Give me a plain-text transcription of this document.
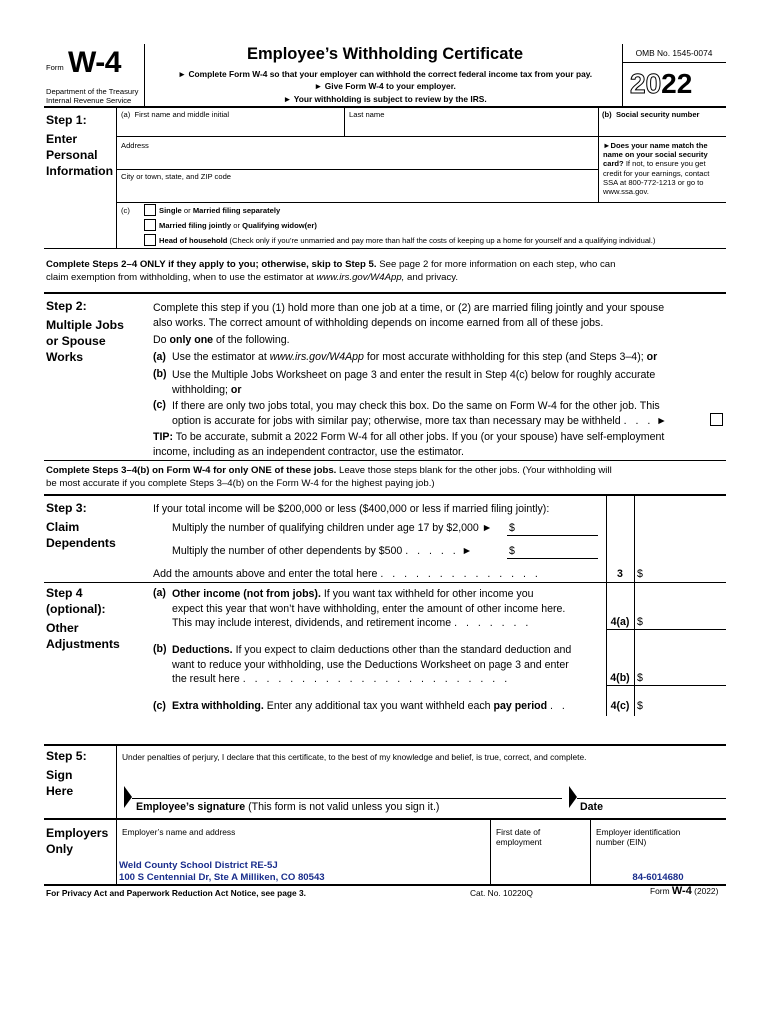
Form W-4
Department of the Treasury
Internal Revenue Service
Employee’s Withholding Certificate
► Complete Form W-4 so that your employer can withhold the correct federal income tax from your pay.
► Give Form W-4 to your employer.
► Your withholding is subject to review by the IRS.
OMB No. 1545-0074
2022
Step 1:
Enter
Personal
Information
(a) First name and middle initial	Last name	(b) Social security number
Address
City or town, state, and ZIP code
►Does your name match the name on your social security card? If not, to ensure you get credit for your earnings, contact SSA at 800-772-1213 or go to www.ssa.gov.
(c)	Single or Married filing separately
Married filing jointly or Qualifying widow(er)
Head of household (Check only if you’re unmarried and pay more than half the costs of keeping up a home for yourself and a qualifying individual.)
Complete Steps 2–4 ONLY if they apply to you; otherwise, skip to Step 5. See page 2 for more information on each step, who can
claim exemption from withholding, when to use the estimator at www.irs.gov/W4App, and privacy.
Step 2:
Multiple Jobs
or Spouse
Works
Complete this step if you (1) hold more than one job at a time, or (2) are married filing jointly and your spouse
also works. The correct amount of withholding depends on income earned from all of these jobs.
Do only one of the following.
(a) Use the estimator at www.irs.gov/W4App for most accurate withholding for this step (and Steps 3–4); or
(b) Use the Multiple Jobs Worksheet on page 3 and enter the result in Step 4(c) below for roughly accurate
withholding; or
(c) If there are only two jobs total, you may check this box. Do the same on Form W-4 for the other job. This
option is accurate for jobs with similar pay; otherwise, more tax than necessary may be withheld . . . ►
TIP: To be accurate, submit a 2022 Form W-4 for all other jobs. If you (or your spouse) have self-employment
income, including as an independent contractor, use the estimator.
Complete Steps 3–4(b) on Form W-4 for only ONE of these jobs. Leave those steps blank for the other jobs. (Your withholding will
be most accurate if you complete Steps 3–4(b) on the Form W-4 for the highest paying job.)
Step 3:
Claim
Dependents
If your total income will be $200,000 or less ($400,000 or less if married filing jointly):
Multiply the number of qualifying children under age 17 by $2,000 ► $
Multiply the number of other dependents by $500 . . . . . ►	$
Add the amounts above and enter the total here . . . . . . . . . . . . . .	3	$
Step 4
(optional):
Other
Adjustments
(a) Other income (not from jobs). If you want tax withheld for other income you
expect this year that won’t have withholding, enter the amount of other income here.
This may include interest, dividends, and retirement income . . . . . . .	4(a) $
(b) Deductions. If you expect to claim deductions other than the standard deduction and
want to reduce your withholding, use the Deductions Worksheet on page 3 and enter
the result here . . . . . . . . . . . . . . . . . . . . . . .	4(b) $
(c) Extra withholding. Enter any additional tax you want withheld each pay period . .	4(c) $
Step 5:
Sign
Here
Under penalties of perjury, I declare that this certificate, to the best of my knowledge and belief, is true, correct, and complete.
Employee’s signature (This form is not valid unless you sign it.)	Date
Employers
Only
Employer’s name and address	First date of
employment
Employer identification
number (EIN)
Weld County School District RE-5J
100 S Centennial Dr, Ste A Milliken, CO 80543	84-6014680
For Privacy Act and Paperwork Reduction Act Notice, see page 3.	Cat. No. 10220Q	Form W-4 (2022)
